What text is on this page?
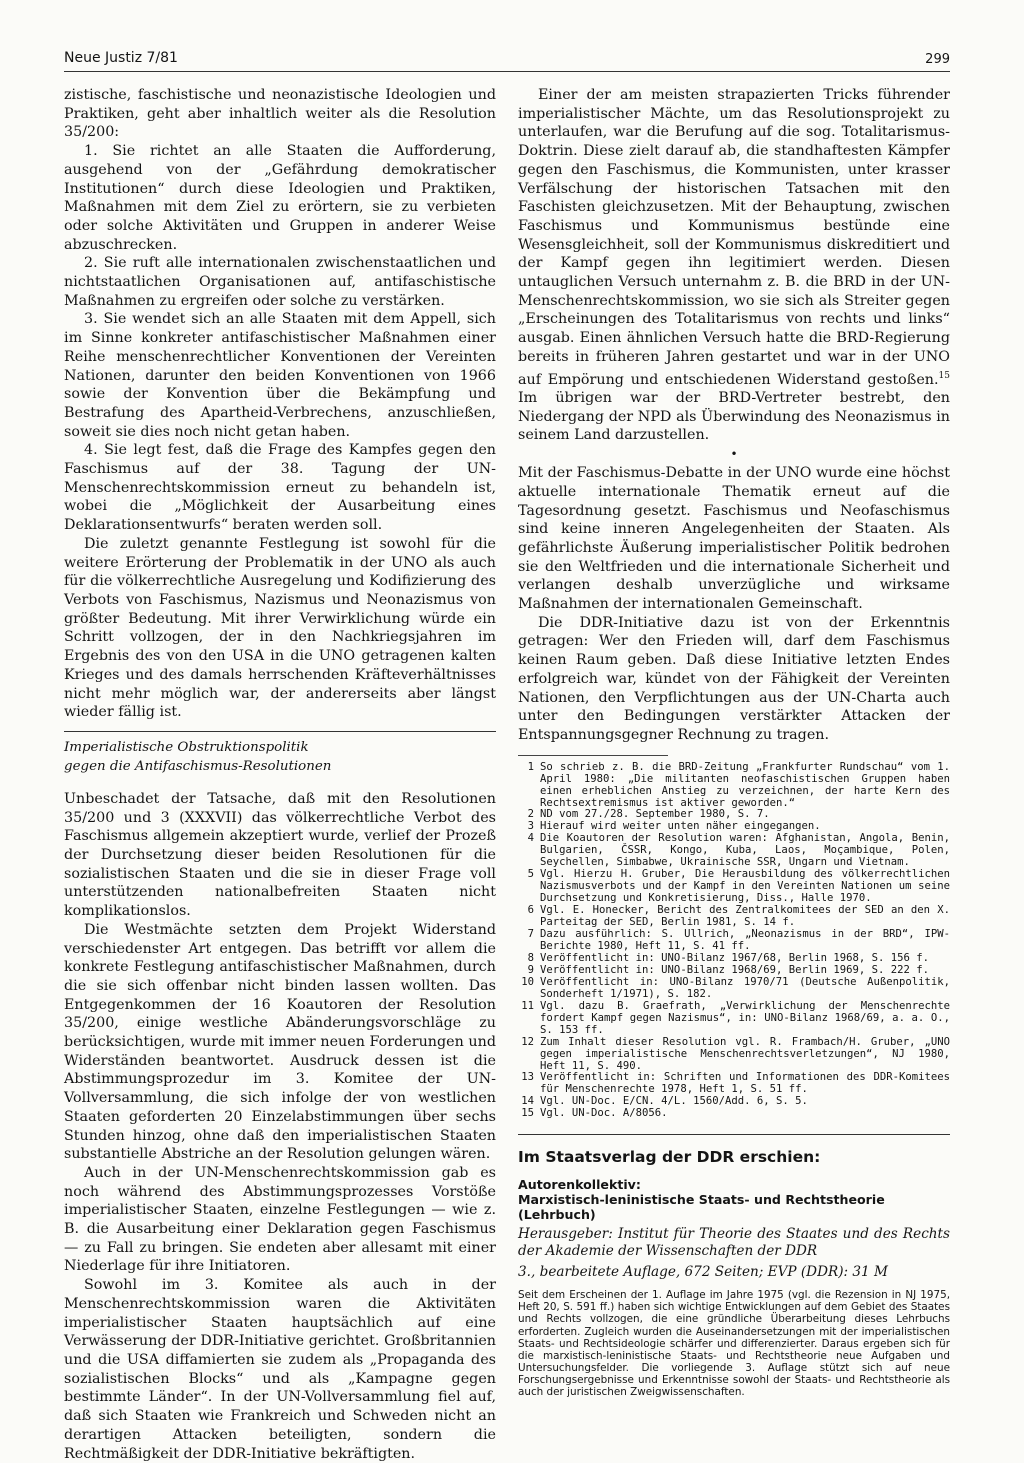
Neue Justiz 7/81	299

zistische, faschistische und neonazistische Ideologien und Praktiken, geht aber inhaltlich weiter als die Resolution 35/200:

1. Sie richtet an alle Staaten die Aufforderung, ausgehend von der „Gefährdung demokratischer Institutionen“ durch diese Ideologien und Praktiken, Maßnahmen mit dem Ziel zu erörtern, sie zu verbieten oder solche Aktivitäten und Gruppen in anderer Weise abzuschrecken.

2. Sie ruft alle internationalen zwischenstaatlichen und nichtstaatlichen Organisationen auf, antifaschistische Maßnahmen zu ergreifen oder solche zu verstärken.

3. Sie wendet sich an alle Staaten mit dem Appell, sich im Sinne konkreter antifaschistischer Maßnahmen einer Reihe menschenrechtlicher Konventionen der Vereinten Nationen, darunter den beiden Konventionen von 1966 sowie der Konvention über die Bekämpfung und Bestrafung des Apartheid-Verbrechens, anzuschließen, soweit sie dies noch nicht getan haben.

4. Sie legt fest, daß die Frage des Kampfes gegen den Faschismus auf der 38. Tagung der UN-Menschenrechtskommission erneut zu behandeln ist, wobei die „Möglichkeit der Ausarbeitung eines Deklarationsentwurfs“ beraten werden soll.

Die zuletzt genannte Festlegung ist sowohl für die weitere Erörterung der Problematik in der UNO als auch für die völkerrechtliche Ausregelung und Kodifizierung des Verbots von Faschismus, Nazismus und Neonazismus von größter Bedeutung. Mit ihrer Verwirklichung würde ein Schritt vollzogen, der in den Nachkriegsjahren im Ergebnis des von den USA in die UNO getragenen kalten Krieges und des damals herrschenden Kräfteverhältnisses nicht mehr möglich war, der andererseits aber längst wieder fällig ist.

Imperialistische Obstruktionspolitik
gegen die Antifaschismus-Resolutionen

Unbeschadet der Tatsache, daß mit den Resolutionen 35/200 und 3 (XXXVII) das völkerrechtliche Verbot des Faschismus allgemein akzeptiert wurde, verlief der Prozeß der Durchsetzung dieser beiden Resolutionen für die sozialistischen Staaten und die sie in dieser Frage voll unterstützenden nationalbefreiten Staaten nicht komplikationslos.

Die Westmächte setzten dem Projekt Widerstand verschiedenster Art entgegen. Das betrifft vor allem die konkrete Festlegung antifaschistischer Maßnahmen, durch die sie sich offenbar nicht binden lassen wollten. Das Entgegenkommen der 16 Koautoren der Resolution 35/200, einige westliche Abänderungsvorschläge zu berücksichtigen, wurde mit immer neuen Forderungen und Widerständen beantwortet. Ausdruck dessen ist die Abstimmungsprozedur im 3. Komitee der UN-Vollversammlung, die sich infolge der von westlichen Staaten geforderten 20 Einzelabstimmungen über sechs Stunden hinzog, ohne daß den imperialistischen Staaten substantielle Abstriche an der Resolution gelungen wären.

Auch in der UN-Menschenrechtskommission gab es noch während des Abstimmungsprozesses Vorstöße imperialistischer Staaten, einzelne Festlegungen — wie z. B. die Ausarbeitung einer Deklaration gegen Faschismus — zu Fall zu bringen. Sie endeten aber allesamt mit einer Niederlage für ihre Initiatoren.

Sowohl im 3. Komitee als auch in der Menschenrechtskommission waren die Aktivitäten imperialistischer Staaten hauptsächlich auf eine Verwässerung der DDR-Initiative gerichtet. Großbritannien und die USA diffamierten sie zudem als „Propaganda des sozialistischen Blocks“ und als „Kampagne gegen bestimmte Länder“. In der UN-Vollversammlung fiel auf, daß sich Staaten wie Frankreich und Schweden nicht an derartigen Attacken beteiligten, sondern die Rechtmäßigkeit der DDR-Initiative bekräftigten.

Einer der am meisten strapazierten Tricks führender imperialistischer Mächte, um das Resolutionsprojekt zu unterlaufen, war die Berufung auf die sog. Totalitarismus-Doktrin. Diese zielt darauf ab, die standhaftesten Kämpfer gegen den Faschismus, die Kommunisten, unter krasser Verfälschung der historischen Tatsachen mit den Faschisten gleichzusetzen. Mit der Behauptung, zwischen Faschismus und Kommunismus bestünde eine Wesensgleichheit, soll der Kommunismus diskreditiert und der Kampf gegen ihn legitimiert werden. Diesen untauglichen Versuch unternahm z. B. die BRD in der UN-Menschenrechtskommission, wo sie sich als Streiter gegen „Erscheinungen des Totalitarismus von rechts und links“ ausgab. Einen ähnlichen Versuch hatte die BRD-Regierung bereits in früheren Jahren gestartet und war in der UNO auf Empörung und entschiedenen Widerstand gestoßen.$^{15}$ Im übrigen war der BRD-Vertreter bestrebt, den Niedergang der NPD als Überwindung des Neonazismus in seinem Land darzustellen.

•

Mit der Faschismus-Debatte in der UNO wurde eine höchst aktuelle internationale Thematik erneut auf die Tagesordnung gesetzt. Faschismus und Neofaschismus sind keine inneren Angelegenheiten der Staaten. Als gefährlichste Äußerung imperialistischer Politik bedrohen sie den Weltfrieden und die internationale Sicherheit und verlangen deshalb unverzügliche und wirksame Maßnahmen der internationalen Gemeinschaft.

Die DDR-Initiative dazu ist von der Erkenntnis getragen: Wer den Frieden will, darf dem Faschismus keinen Raum geben. Daß diese Initiative letzten Endes erfolgreich war, kündet von der Fähigkeit der Vereinten Nationen, den Verpflichtungen aus der UN-Charta auch unter den Bedingungen verstärkter Attacken der Entspannungsgegner Rechnung zu tragen.

1 So schrieb z. B. die BRD-Zeitung „Frankfurter Rundschau“ vom 1. April 1980: „Die militanten neofaschistischen Gruppen haben einen erheblichen Anstieg zu verzeichnen, der harte Kern des Rechtsextremismus ist aktiver geworden.“
2 ND vom 27./28. September 1980, S. 7.
3 Hierauf wird weiter unten näher eingegangen.
4 Die Koautoren der Resolution waren: Afghanistan, Angola, Benin, Bulgarien, ČSSR, Kongo, Kuba, Laos, Moçambique, Polen, Seychellen, Simbabwe, Ukrainische SSR, Ungarn und Vietnam.
5 Vgl. Hierzu H. Gruber, Die Herausbildung des völkerrechtlichen Nazismusverbots und der Kampf in den Vereinten Nationen um seine Durchsetzung und Konkretisierung, Diss., Halle 1970.
6 Vgl. E. Honecker, Bericht des Zentralkomitees der SED an den X. Parteitag der SED, Berlin 1981, S. 14 f.
7 Dazu ausführlich: S. Ullrich, „Neonazismus in der BRD“, IPW-Berichte 1980, Heft 11, S. 41 ff.
8 Veröffentlicht in: UNO-Bilanz 1967/68, Berlin 1968, S. 156 f.
9 Veröffentlicht in: UNO-Bilanz 1968/69, Berlin 1969, S. 222 f.
10 Veröffentlicht in: UNO-Bilanz 1970/71 (Deutsche Außenpolitik, Sonderheft 1/1971), S. 182.
11 Vgl. dazu B. Graefrath, „Verwirklichung der Menschenrechte fordert Kampf gegen Nazismus“, in: UNO-Bilanz 1968/69, a. a. O., S. 153 ff.
12 Zum Inhalt dieser Resolution vgl. R. Frambach/H. Gruber, „UNO gegen imperialistische Menschenrechtsverletzungen“, NJ 1980, Heft 11, S. 490.
13 Veröffentlicht in: Schriften und Informationen des DDR-Komitees für Menschenrechte 1978, Heft 1, S. 51 ff.
14 Vgl. UN-Doc. E/CN. 4/L. 1560/Add. 6, S. 5.
15 Vgl. UN-Doc. A/8056.

Im Staatsverlag der DDR erschien:

Autorenkollektiv:

Marxistisch-leninistische Staats- und Rechtstheorie (Lehrbuch)

Herausgeber: Institut für Theorie des Staates und des Rechts der Akademie der Wissenschaften der DDR

3., bearbeitete Auflage, 672 Seiten; EVP (DDR): 31 M

Seit dem Erscheinen der 1. Auflage im Jahre 1975 (vgl. die Rezension in NJ 1975, Heft 20, S. 591 ff.) haben sich wichtige Entwicklungen auf dem Gebiet des Staates und Rechts vollzogen, die eine gründliche Überarbeitung dieses Lehrbuchs erforderten. Zugleich wurden die Auseinandersetzungen mit der imperialistischen Staats- und Rechtsideologie schärfer und differenzierter. Daraus ergeben sich für die marxistisch-leninistische Staats- und Rechtstheorie neue Aufgaben und Untersuchungsfelder. Die vorliegende 3. Auflage stützt sich auf neue Forschungsergebnisse und Erkenntnisse sowohl der Staats- und Rechtstheorie als auch der juristischen Zweigwissenschaften.
